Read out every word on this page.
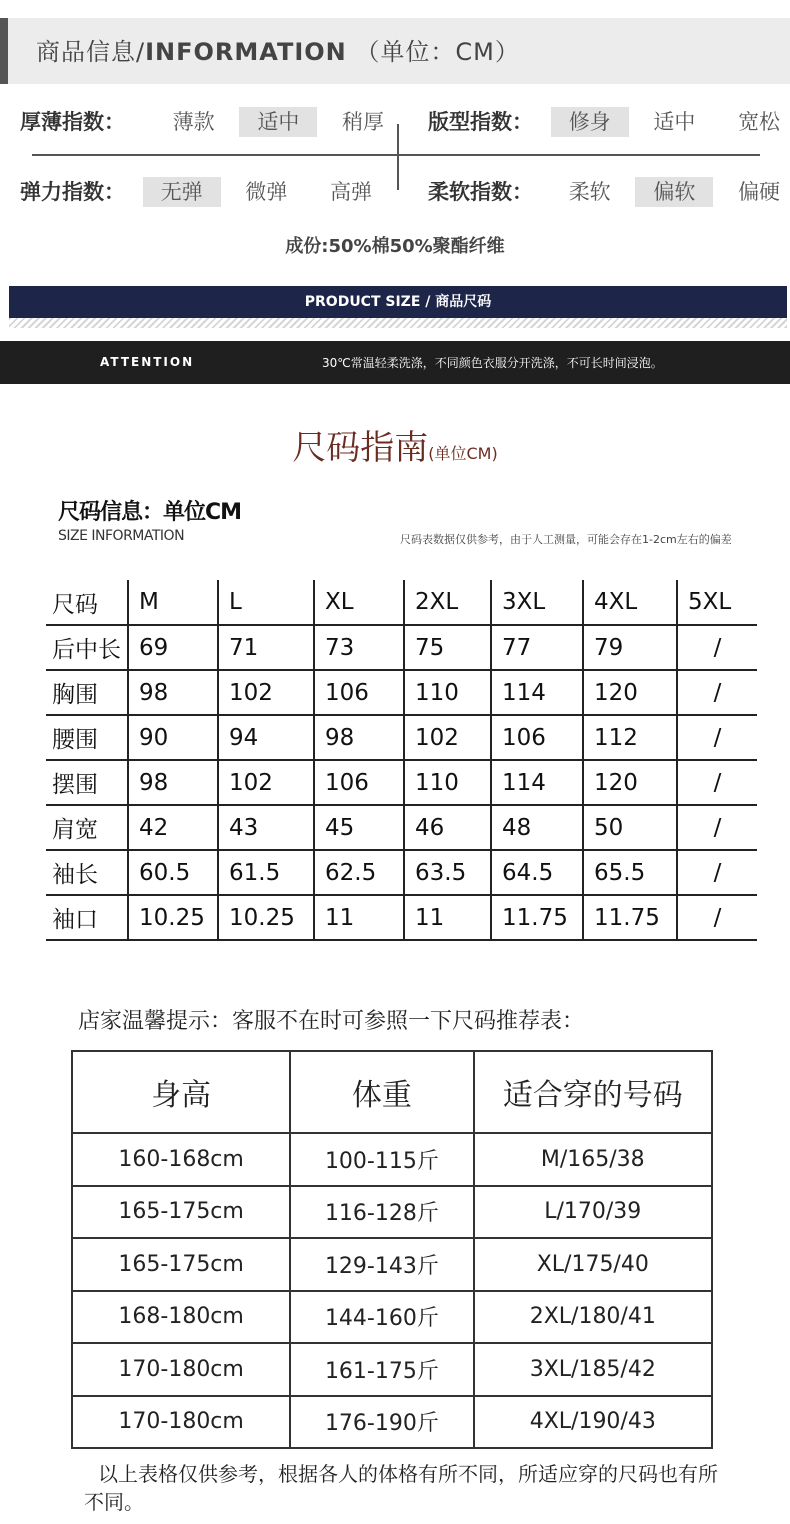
商品信息/INFORMATION （单位：CM）
厚薄指数： 薄款 适中 稍厚	版型指数： 修身 适中 宽松
弹力指数： 无弹 微弹 高弹	柔软指数： 柔软 偏软 偏硬
成份:50%棉50%聚酯纤维
PRODUCT SIZE / 商品尺码
ATTENTION	30℃常温轻柔洗涤，不同颜色衣服分开洗涤，不可长时间浸泡。
尺码指南(单位CM)
尺码信息：单位CM
SIZE INFORMATION	尺码表数据仅供参考，由于人工测量，可能会存在1-2cm左右的偏差
尺码	M	L	XL	2XL	3XL	4XL	5XL
后中长	69	71	73	75	77	79	/
胸围	98	102	106	110	114	120	/
腰围	90	94	98	102	106	112	/
摆围	98	102	106	110	114	120	/
肩宽	42	43	45	46	48	50	/
袖长	60.5	61.5	62.5	63.5	64.5	65.5	/
袖口	10.25	10.25	11	11	11.75	11.75	/
店家温馨提示：客服不在时可参照一下尺码推荐表：
身高	体重	适合穿的号码
160-168cm	100-115斤	M/165/38
165-175cm	116-128斤	L/170/39
165-175cm	129-143斤	XL/175/40
168-180cm	144-160斤	2XL/180/41
170-180cm	161-175斤	3XL/185/42
170-180cm	176-190斤	4XL/190/43
以上表格仅供参考，根据各人的体格有所不同，所适应穿的尺码也有所不同。
